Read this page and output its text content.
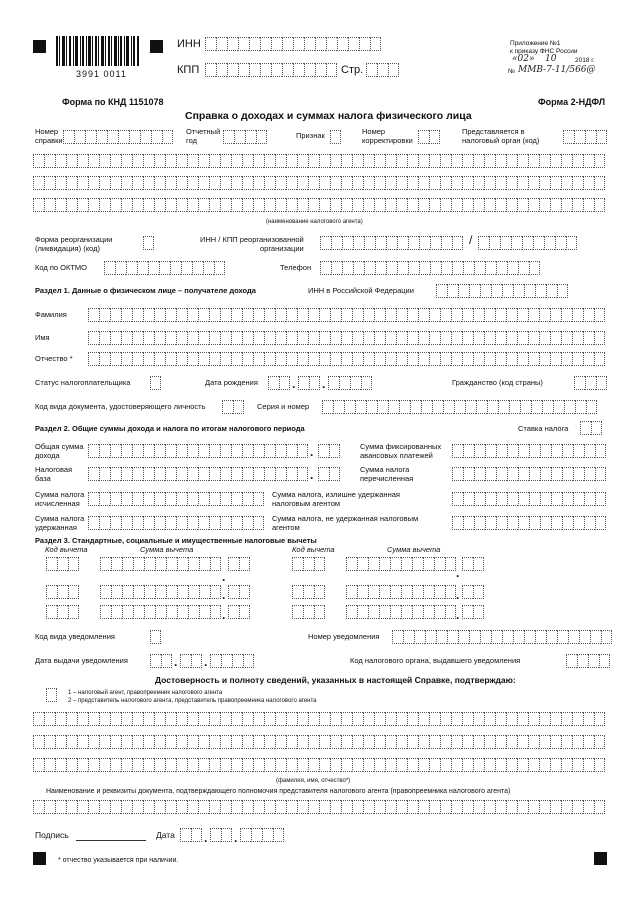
3991 0011
ИНН
КПП	Стр.
Приложение №1
к приказу ФНС России
«02» 10	2018 г.
№ ММВ-7-11/566@
Форма по КНД 1151078	Форма 2-НДФЛ
Справка о доходах и суммах налога физического лица
Номер
справки
Отчетный
год	Признак	Номер
корректировки
Представляется в
налоговый орган (код)
(наименование налогового агента)
Форма реорганизации
(ликвидация) (код)
ИНН / КПП реорганизованной
организации
/
Код по ОКТМО	Телефон
Раздел 1. Данные о физическом лице – получателе дохода	ИНН в Российской Федерации
Фамилия
Имя
Отчество *
Статус налогоплательщика	Дата рождения	. .	Гражданство (код страны)
Код вида документа, удостоверяющего личность	Серия и номер
Раздел 2. Общие суммы дохода и налога по итогам налогового периода	Ставка налога
Общая сумма
дохода	.	Сумма фиксированных
авансовых платежей
Налоговая
база	.	Сумма налога
перечисленная
Сумма налога
исчисленная
Сумма налога, излишне удержанная
налоговым агентом
Сумма налога
удержанная
Сумма налога, не удержанная налоговым
агентом
Раздел 3. Стандартные, социальные и имущественные налоговые вычеты
Код вычета	Сумма вычета	Код вычета	Сумма вычета
.
.
.
.
.
.
Код вида уведомления	Номер уведомления
Дата выдачи уведомления	. .	Код налогового органа, выдавшего уведомления
Достоверность и полноту сведений, указанных в настоящей Справке, подтверждаю:
1 – налоговый агент, правопреемник налогового агента
2 – представитель налогового агента, представитель правопреемника налогового агента
(фамилия, имя, отчество*)
Наименование и реквизиты документа, подтверждающего полномочия представителя налогового агента (правопреемника налогового агента)
Подпись	Дата . .
* отчество указывается при наличии.
